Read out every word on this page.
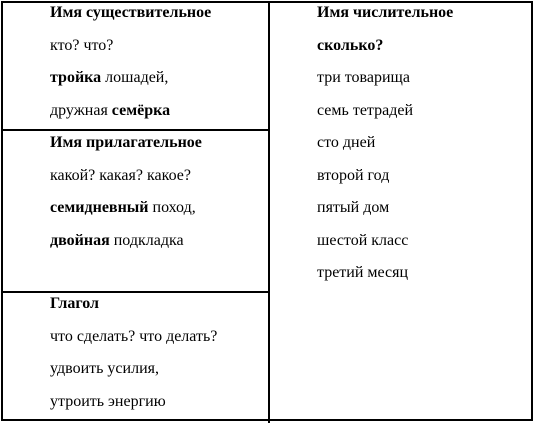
Имя существительное
кто? что?
тройка лошадей,
дружная семёрка
Имя прилагательное
какой? какая? какое?
семидневный поход,
двойная подкладка
Глагол
что сделать? что делать?
удвоить усилия,
утроить энергию
Имя числительное
сколько?
три товарища
семь тетрадей
сто дней
второй год
пятый дом
шестой класс
третий месяц
